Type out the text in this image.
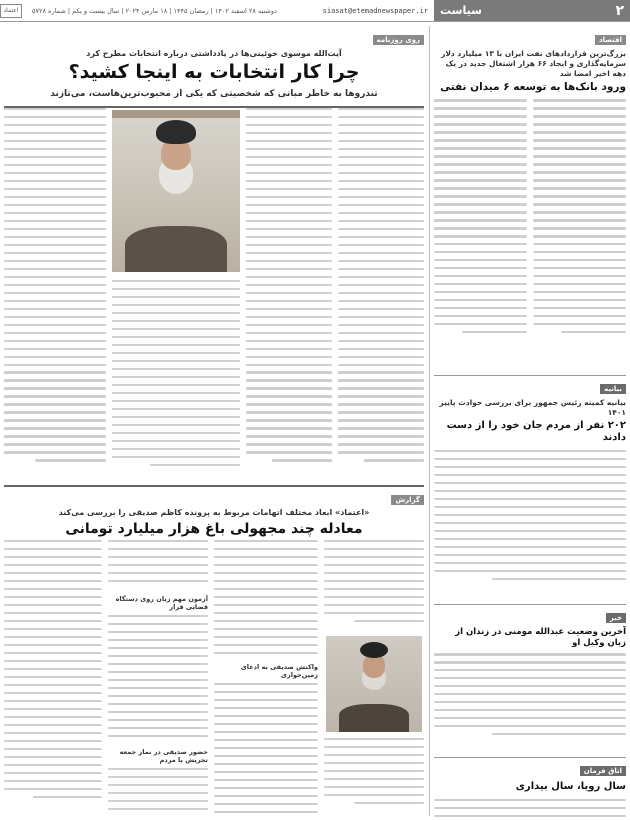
۲
سیاست
siasat@etemadnewspaper.ir
دوشنبه ۲۸ اسفند ۱۴۰۲ | رمضان ۱۴۴۵ | ۱۸ مارس ۲۰۲۴ | سال بیست و یکم | شماره ۵۷۲۸
اعتماد
اقتصاد
بزرگ‌ترین قراردادهای نفت ایران با ۱۳ میلیارد دلار سرمایه‌گذاری و ایجاد ۶۶ هزار اشتغال جدید در یک دهه اخیر امضا شد
ورود بانک‌ها به توسعه ۶ میدان نفتی
بیانیه
بیانیه کمیته رئیس جمهور برای بررسی حوادث پاییز ۱۴۰۱
۲۰۲ نفر از مردم جان خود را از دست دادند
خبر
آخرین وضعیت عبدالله مومنی در زندان از زبان وکیل او
اتاق فرمان
سال رویا، سال بیداری
روی روزنامه
آیت‌الله موسوی خوئینی‌ها در یادداشتی درباره انتخابات مطرح کرد
چرا کار انتخابات به اینجا کشید؟
تندروها به خاطر مبانی که شخصیتی که یکی از محبوب‌ترین‌هاست، می‌تازند
گزارش
«اعتماد» ابعاد مختلف اتهامات مربوط به پرونده کاظم صدیقی را بررسی می‌کند
معادله چند مجهولی باغ هزار میلیارد تومانی
آزمون مهم زیان روی دستگاه قضایی قرار
حضور صدیقی در نماز جمعه تجریش با مردم
واکنش صدیقی به ادعای زمین‌خواری
